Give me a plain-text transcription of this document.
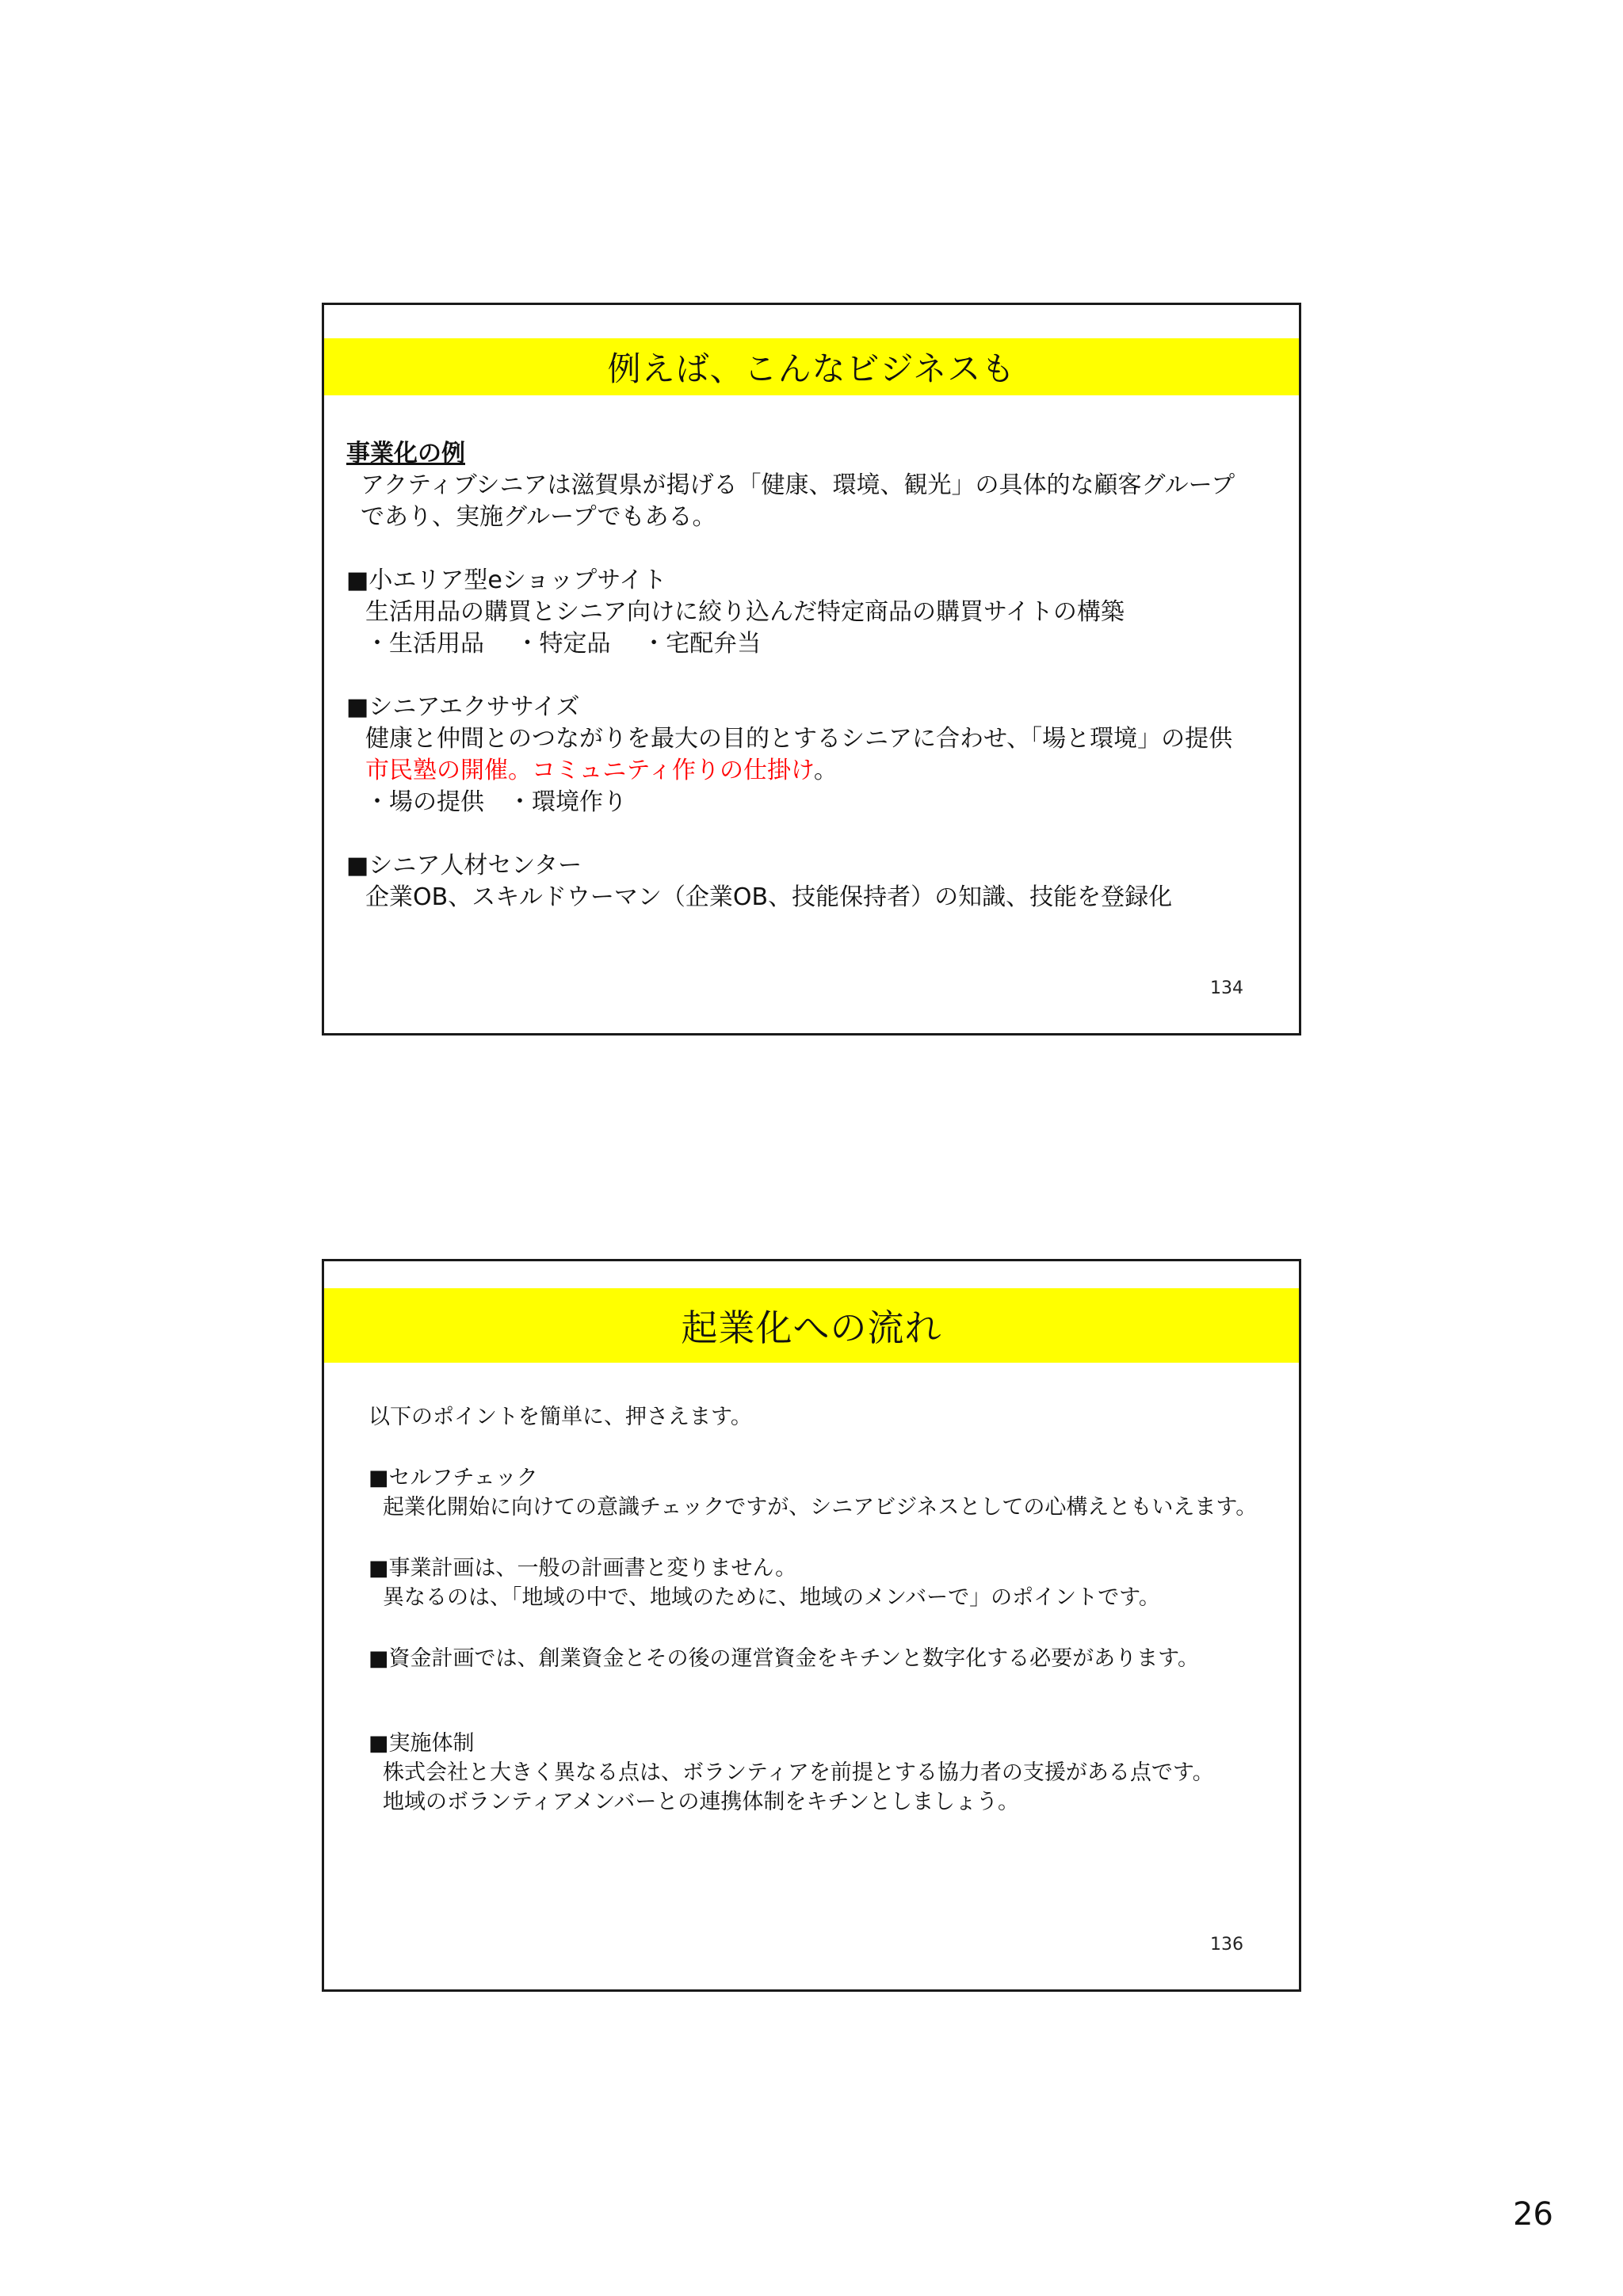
例えば、こんなビジネスも

事業化の例

アクティブシニアは滋賀県が掲げる「健康、環境、観光」の具体的な顧客グループ

であり、実施グループでもある。

■小エリア型eショップサイト

生活用品の購買とシニア向けに絞り込んだ特定商品の購買サイトの構築

・生活用品　 ・特定品　 ・宅配弁当

■シニアエクササイズ

健康と仲間とのつながりを最大の目的とするシニアに合わせ、「場と環境」の提供

市民塾の開催。コミュニティ作りの仕掛け。

・場の提供　・環境作り

■シニア人材センター

企業OB、スキルドウーマン（企業OB、技能保持者）の知識、技能を登録化

134
起業化への流れ

以下のポイントを簡単に、押さえます。

■セルフチェック

起業化開始に向けての意識チェックですが、シニアビジネスとしての心構えともいえます。

■事業計画は、一般の計画書と変りません。

異なるのは、「地域の中で、地域のために、地域のメンバーで」のポイントです。

■資金計画では、創業資金とその後の運営資金をキチンと数字化する必要があります。

■実施体制

株式会社と大きく異なる点は、ボランティアを前提とする協力者の支援がある点です。

地域のボランティアメンバーとの連携体制をキチンとしましょう。

136
26
